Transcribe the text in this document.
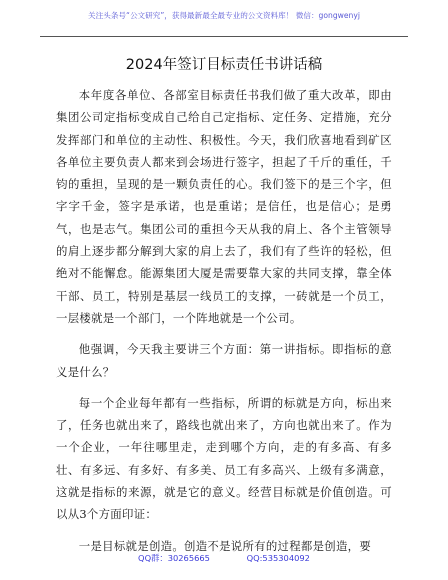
关注头条号“公文研究”，获得最新最全最专业的公文资料库！ 微信：gongwenyj
2024年签订目标责任书讲话稿

本年度各单位、各部室目标责任书我们做了重大改革，即由集团公司定指标变成自己给自己定指标、定任务、定措施，充分发挥部门和单位的主动性、积极性。今天，我们欣喜地看到矿区各单位主要负责人都来到会场进行签字，担起了千斤的重任，千钧的重担，呈现的是一颗负责任的心。我们签下的是三个字，但字字千金，签字是承诺，也是重诺；是信任，也是信心；是勇气，也是志气。集团公司的重担今天从我的肩上、各个主管领导的肩上逐步都分解到大家的肩上去了，我们有了些许的轻松，但绝对不能懈怠。能源集团大厦是需要靠大家的共同支撑，靠全体干部、员工，特别是基层一线员工的支撑，一砖就是一个员工，一层楼就是一个部门，一个阵地就是一个公司。

他强调，今天我主要讲三个方面：第一讲指标。即指标的意义是什么？

每一个企业每年都有一些指标，所谓的标就是方向，标出来了，任务也就出来了，路线也就出来了，方向也就出来了。作为一个企业，一年往哪里走，走到哪个方向，走的有多高、有多壮、有多远、有多好、有多美、员工有多高兴、上级有多满意，这就是指标的来源，就是它的意义。经营目标就是价值创造。可以从3个方面印证：

一是目标就是创造。创造不是说所有的过程都是创造，要

QQ群：30265665	QQ:535304092
